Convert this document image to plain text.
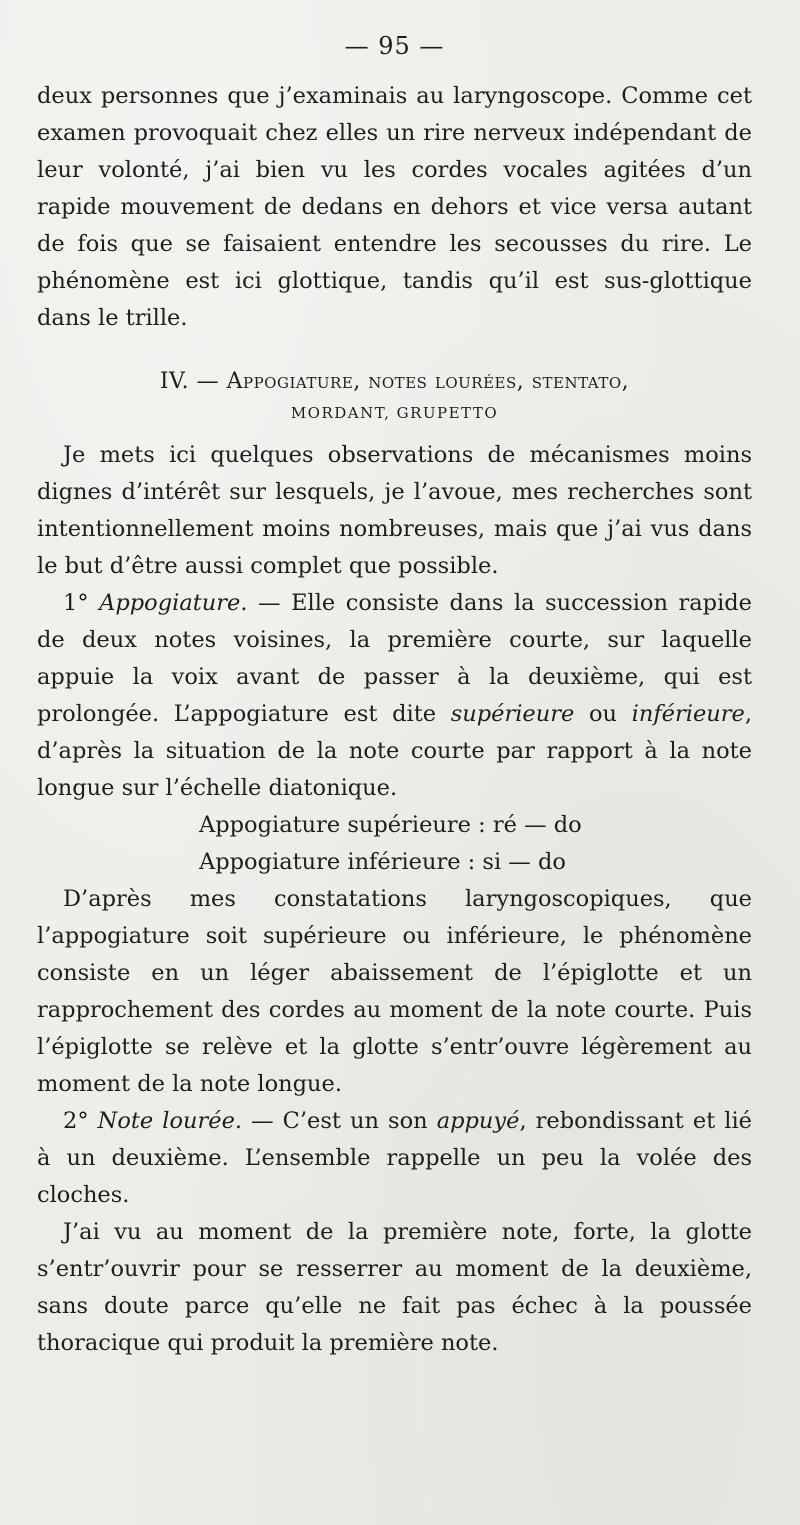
— 95 —

deux personnes que j’examinais au laryngoscope. Comme cet examen provoquait chez elles un rire nerveux indépendant de leur volonté, j’ai bien vu les cordes vocales agitées d’un rapide mouvement de dedans en dehors et vice versa autant de fois que se faisaient entendre les secousses du rire. Le phénomène est ici glottique, tandis qu’il est sus-glottique dans le trille.

IV. — Appogiature, notes lourées, stentato,
MORDANT, GRUPETTO

Je mets ici quelques observations de mécanismes moins dignes d’intérêt sur lesquels, je l’avoue, mes recherches sont intentionnellement moins nombreuses, mais que j’ai vus dans le but d’être aussi complet que possible.

1° Appogiature. — Elle consiste dans la succession rapide de deux notes voisines, la première courte, sur laquelle appuie la voix avant de passer à la deuxième, qui est prolongée. L’appogiature est dite supérieure ou inférieure, d’après la situation de la note courte par rapport à la note longue sur l’échelle diatonique.

Appogiature supérieure : ré — do
Appogiature inférieure : si — do

D’après mes constatations laryngoscopiques, que l’appogiature soit supérieure ou inférieure, le phénomène consiste en un léger abaissement de l’épiglotte et un rapprochement des cordes au moment de la note courte. Puis l’épiglotte se relève et la glotte s’entr’ouvre légèrement au moment de la note longue.

2° Note lourée. — C’est un son appuyé, rebondissant et lié à un deuxième. L’ensemble rappelle un peu la volée des cloches.

J’ai vu au moment de la première note, forte, la glotte s’entr’ouvrir pour se resserrer au moment de la deuxième, sans doute parce qu’elle ne fait pas échec à la poussée thoracique qui produit la première note.
